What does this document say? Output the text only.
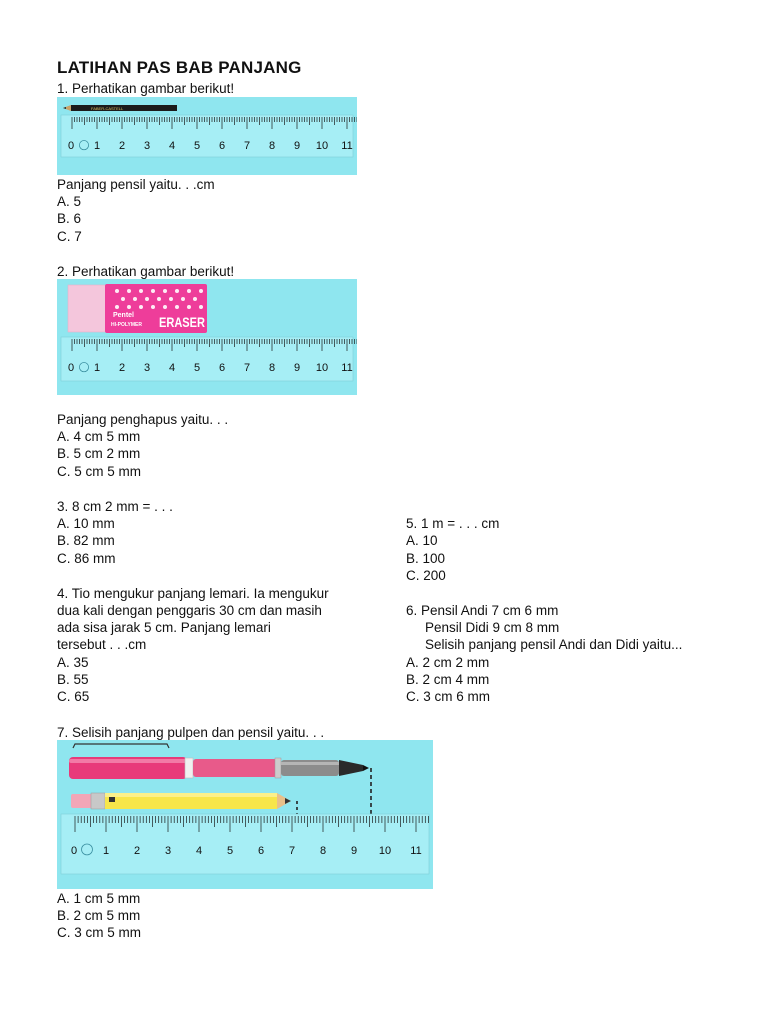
LATIHAN PAS BAB PANJANG
1. Perhatikan gambar berikut!
FABER-CASTELL
0 1 2 3 4 5 6 7 8 9 10 11
Panjang pensil yaitu. . .cm
A. 5
B. 6
C. 7
2. Perhatikan gambar berikut!
Pentel
HI-POLYMER ERASER
0 1 2 3 4 5 6 7 8 9 10 11
Panjang penghapus yaitu. . .
A. 4 cm 5 mm
B. 5 cm 2 mm
C. 5 cm 5 mm
3. 8 cm 2 mm = . . .
A. 10 mm
B. 82 mm
C. 86 mm
5. 1 m = . . . cm
A. 10
B. 100
C. 200
4. Tio mengukur panjang lemari. Ia mengukur
dua kali dengan penggaris 30 cm dan masih
ada sisa jarak 5 cm. Panjang lemari
tersebut . . .cm
A. 35
B. 55
C. 65
6. Pensil Andi 7 cm 6 mm
Pensil Didi 9 cm 8 mm
Selisih panjang pensil Andi dan Didi yaitu...
A. 2 cm 2 mm
B. 2 cm 4 mm
C. 3 cm 6 mm
7. Selisih panjang pulpen dan pensil yaitu. . .
0 1 2 3 4 5 6 7 8 9 10 11
A. 1 cm 5 mm
B. 2 cm 5 mm
C. 3 cm 5 mm
